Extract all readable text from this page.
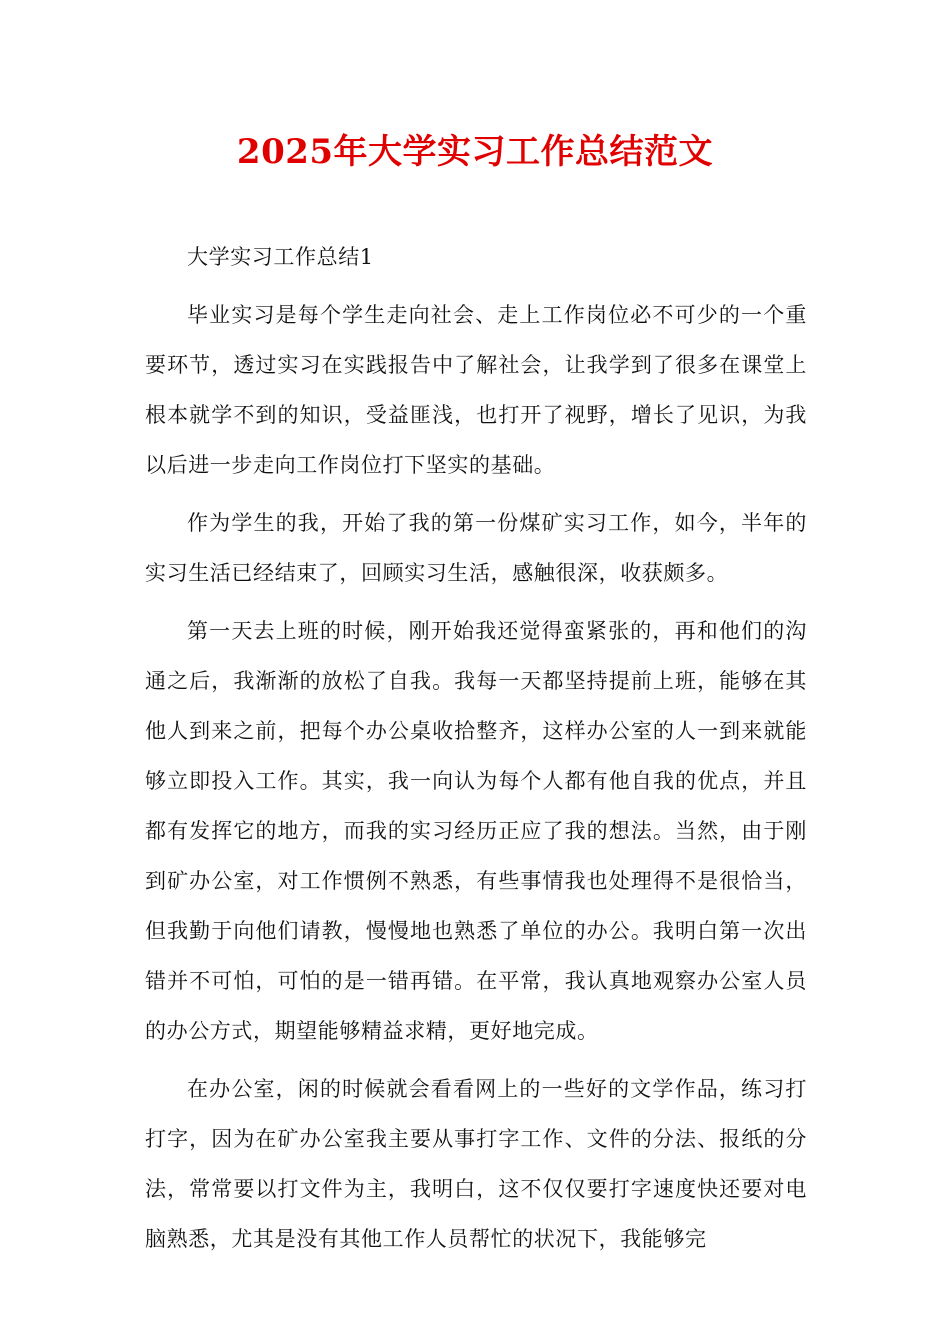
2025年大学实习工作总结范文

大学实习工作总结1

毕业实习是每个学生走向社会、走上工作岗位必不可少的一个重要环节，透过实习在实践报告中了解社会，让我学到了很多在课堂上根本就学不到的知识，受益匪浅，也打开了视野，增长了见识，为我以后进一步走向工作岗位打下坚实的基础。

作为学生的我，开始了我的第一份煤矿实习工作，如今，半年的实习生活已经结束了，回顾实习生活，感触很深，收获颇多。

第一天去上班的时候，刚开始我还觉得蛮紧张的，再和他们的沟通之后，我渐渐的放松了自我。我每一天都坚持提前上班，能够在其他人到来之前，把每个办公桌收拾整齐，这样办公室的人一到来就能够立即投入工作。其实，我一向认为每个人都有他自我的优点，并且都有发挥它的地方，而我的实习经历正应了我的想法。当然，由于刚到矿办公室，对工作惯例不熟悉，有些事情我也处理得不是很恰当，但我勤于向他们请教，慢慢地也熟悉了单位的办公。我明白第一次出错并不可怕，可怕的是一错再错。在平常，我认真地观察办公室人员的办公方式，期望能够精益求精，更好地完成。

在办公室，闲的时候就会看看网上的一些好的文学作品，练习打打字，因为在矿办公室我主要从事打字工作、文件的分法、报纸的分法，常常要以打文件为主，我明白，这不仅仅要打字速度快还要对电脑熟悉，尤其是没有其他工作人员帮忙的状况下，我能够完
